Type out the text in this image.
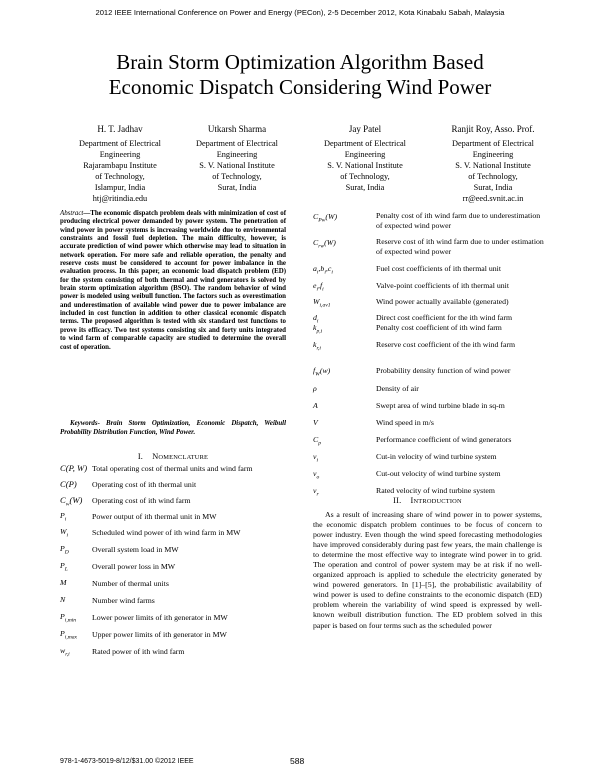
2012 IEEE International Conference on Power and Energy (PECon), 2-5 December 2012, Kota Kinabalu Sabah, Malaysia
Brain Storm Optimization Algorithm Based
Economic Dispatch Considering Wind Power
H. T. Jadhav
Department of Electrical
Engineering
Rajarambapu Institute
of Technology,
Islampur, India
htj@ritindia.edu
Utkarsh Sharma
Department of Electrical
Engineering
S. V. National Institute
of Technology,
Surat, India
Jay Patel
Department of Electrical
Engineering
S. V. National Institute
of Technology,
Surat, India
Ranjit Roy, Asso. Prof.
Department of Electrical
Engineering
S. V. National Institute
of Technology,
Surat, India
rr@eed.svnit.ac.in
Abstract—The economic dispatch problem deals with minimization of cost of producing electrical power demanded by power system. The penetration of wind power in power systems is increasing worldwide due to environmental constraints and fossil fuel depletion. The main difficulty, however, is accurate prediction of wind power which otherwise may lead to situation in network operation. For more safe and reliable operation, the penalty and reserve costs must be considered to account for power imbalance in the evaluation process. In this paper, an economic load dispatch problem (ED) for the system consisting of both thermal and wind generators is solved by brain storm optimization algorithm (BSO). The random behavior of wind power is modeled using weibull function. The factors such as overestimation and underestimation of available wind power due to power imbalance are included in cost function in addition to other classical economic dispatch terms. The proposed algorithm is tested with six standard test functions to prove its efficacy. Two test systems consisting six and forty units integrated to wind farm of comparable capacity are studied to determine the overall cost of operation.
Keywords- Brain Storm Optimization, Economic Dispatch, Weibull Probability Distribution Function, Wind Power.
I. NOMENCLATURE
C(P, W) Total operating cost of thermal units and wind farm
C(P) Operating cost of ith thermal unit
$C_w(W)$ Operating cost of ith wind farm
$P_i$	Power output of ith thermal unit in MW
$W_i$	Scheduled wind power of ith wind farm in MW
$P_D$	Overall system load in MW
$P_L$	Overall power loss in MW
M	Number of thermal units
N	Number wind farms
$P_{i,min}$ Lower power limits of ith generator in MW
$P_{i,max}$ Upper power limits of ith generator in MW
$w_{r,i}$	Rated power of ith wind farm
$C_{Pw}(W)$	Penalty cost of ith wind farm due to underestimation of expected wind power
$C_{rw}(W)$	Reserve cost of ith wind farm due to under estimation of expected wind power
$a_i,b_i,c_i$	Fuel cost coefficients of ith thermal unit
$e_i,f_i$	Valve-point coefficients of ith thermal unit
$W_{i,av1}$	Wind power actually available (generated)
$d_i$	Direct cost coefficient for the ith wind farm
$k_{p,i}$	Penalty cost coefficient of ith wind farm
$k_{r,i}$	Reserve cost coefficient of the ith wind farm
$f_W(w)$	Probability density function of wind power
ρ	Density of air
A	Swept area of wind turbine blade in sq-m
V	Wind speed in m/s
$C_p$	Performance coefficient of wind generators
$v_i$	Cut-in velocity of wind turbine system
$v_o$	Cut-out velocity of wind turbine system
$v_r$	Rated velocity of wind turbine system
II. INTRODUCTION
As a result of increasing share of wind power in to power systems, the economic dispatch problem continues to be focus of concern to power industry. Even though the wind speed forecasting methodologies have improved considerably during past few years, the main challenge is to determine the most effective way to integrate wind power in to grid. The operation and control of power system may be at risk if no well-organized approach is applied to schedule the electricity generated by wind powered generators. In [1]–[5], the probabilistic availability of wind power is used to define constraints to the economic dispatch (ED) problem wherein the variability of wind speed is expressed by well-known weibull distribution function. The ED problem solved in this paper is based on four terms such as the scheduled power
978-1-4673-5019-8/12/$31.00 ©2012 IEEE	588
